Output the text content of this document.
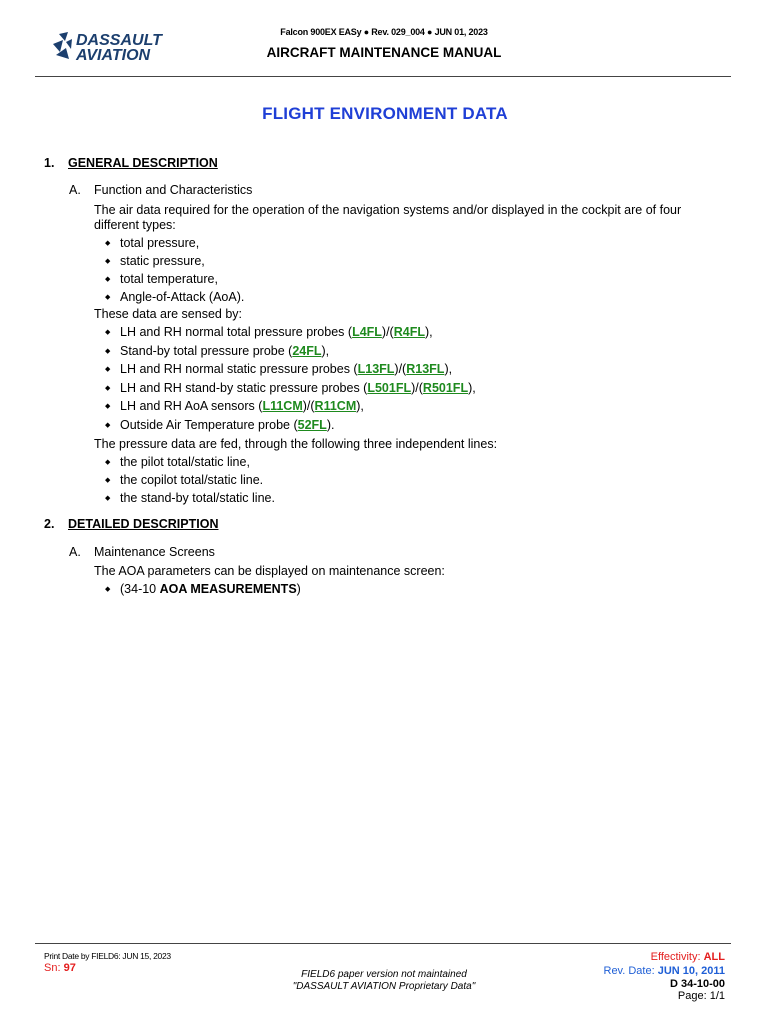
DASSAULT
AVIATION
Falcon 900EX EASy ● Rev. 029_004 ● JUN 01, 2023
AIRCRAFT MAINTENANCE MANUAL
FLIGHT ENVIRONMENT DATA
1. GENERAL DESCRIPTION
A. Function and Characteristics
The air data required for the operation of the navigation systems and/or displayed in the cockpit are of four different types:
◆ total pressure,
◆ static pressure,
◆ total temperature,
◆ Angle-of-Attack (AoA).
These data are sensed by:
◆ LH and RH normal total pressure probes (L4FL)/(R4FL),
◆ Stand-by total pressure probe (24FL),
◆ LH and RH normal static pressure probes (L13FL)/(R13FL),
◆ LH and RH stand-by static pressure probes (L501FL)/(R501FL),
◆ LH and RH AoA sensors (L11CM)/(R11CM),
◆ Outside Air Temperature probe (52FL).
The pressure data are fed, through the following three independent lines:
◆ the pilot total/static line,
◆ the copilot total/static line.
◆ the stand-by total/static line.
2. DETAILED DESCRIPTION
A. Maintenance Screens
The AOA parameters can be displayed on maintenance screen:
◆ (34-10 AOA MEASUREMENTS)
Print Date by FIELD6: JUN 15, 2023
Sn: 97
FIELD6 paper version not maintained
"DASSAULT AVIATION Proprietary Data"
Effectivity: ALL
Rev. Date: JUN 10, 2011
D 34-10-00
Page: 1/1
